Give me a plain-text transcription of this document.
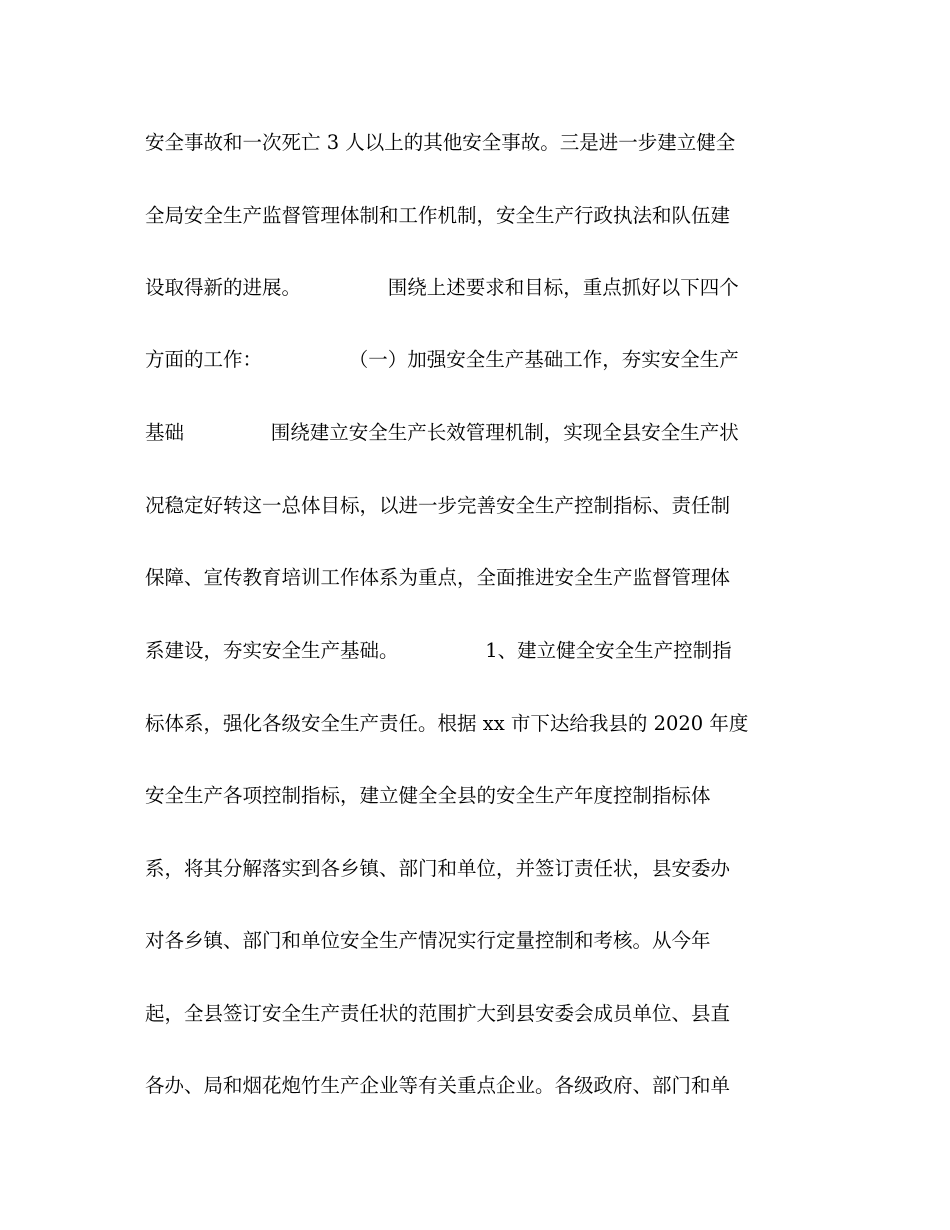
安全事故和一次死亡 3 人以上的其他安全事故。三是进一步建立健全
全局安全生产监督管理体制和工作机制，安全生产行政执法和队伍建
设取得新的进展。              围绕上述要求和目标，重点抓好以下四个
方面的工作：              （一）加强安全生产基础工作，夯实安全生产
基础              围绕建立安全生产长效管理机制，实现全县安全生产状
况稳定好转这一总体目标，以进一步完善安全生产控制指标、责任制
保障、宣传教育培训工作体系为重点，全面推进安全生产监督管理体
系建设，夯实安全生产基础。              1、建立健全安全生产控制指
标体系，强化各级安全生产责任。根据 xx 市下达给我县的 2020 年度
安全生产各项控制指标，建立健全全县的安全生产年度控制指标体
系，将其分解落实到各乡镇、部门和单位，并签订责任状，县安委办
对各乡镇、部门和单位安全生产情况实行定量控制和考核。从今年
起，全县签订安全生产责任状的范围扩大到县安委会成员单位、县直
各办、局和烟花炮竹生产企业等有关重点企业。各级政府、部门和单
